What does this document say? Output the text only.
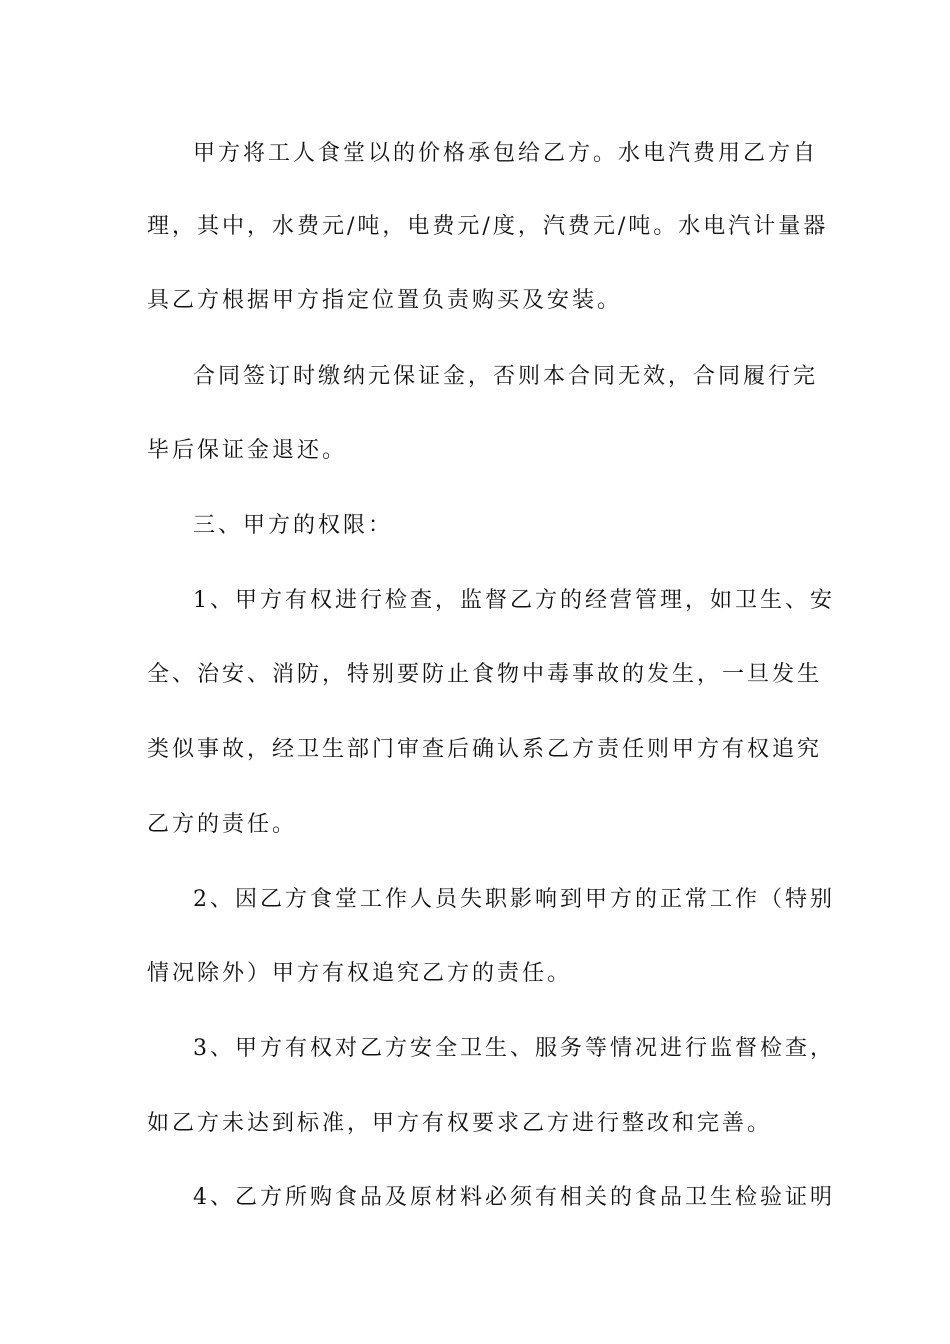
甲方将工人食堂以的价格承包给乙方。水电汽费用乙方自
理，其中，水费元/吨，电费元/度，汽费元/吨。水电汽计量器
具乙方根据甲方指定位置负责购买及安装。
合同签订时缴纳元保证金，否则本合同无效，合同履行完
毕后保证金退还。
三、甲方的权限：
1、甲方有权进行检查，监督乙方的经营管理，如卫生、安
全、治安、消防，特别要防止食物中毒事故的发生，一旦发生
类似事故，经卫生部门审查后确认系乙方责任则甲方有权追究
乙方的责任。
2、因乙方食堂工作人员失职影响到甲方的正常工作（特别
情况除外）甲方有权追究乙方的责任。
3、甲方有权对乙方安全卫生、服务等情况进行监督检查，
如乙方未达到标准，甲方有权要求乙方进行整改和完善。
4、乙方所购食品及原材料必须有相关的食品卫生检验证明
